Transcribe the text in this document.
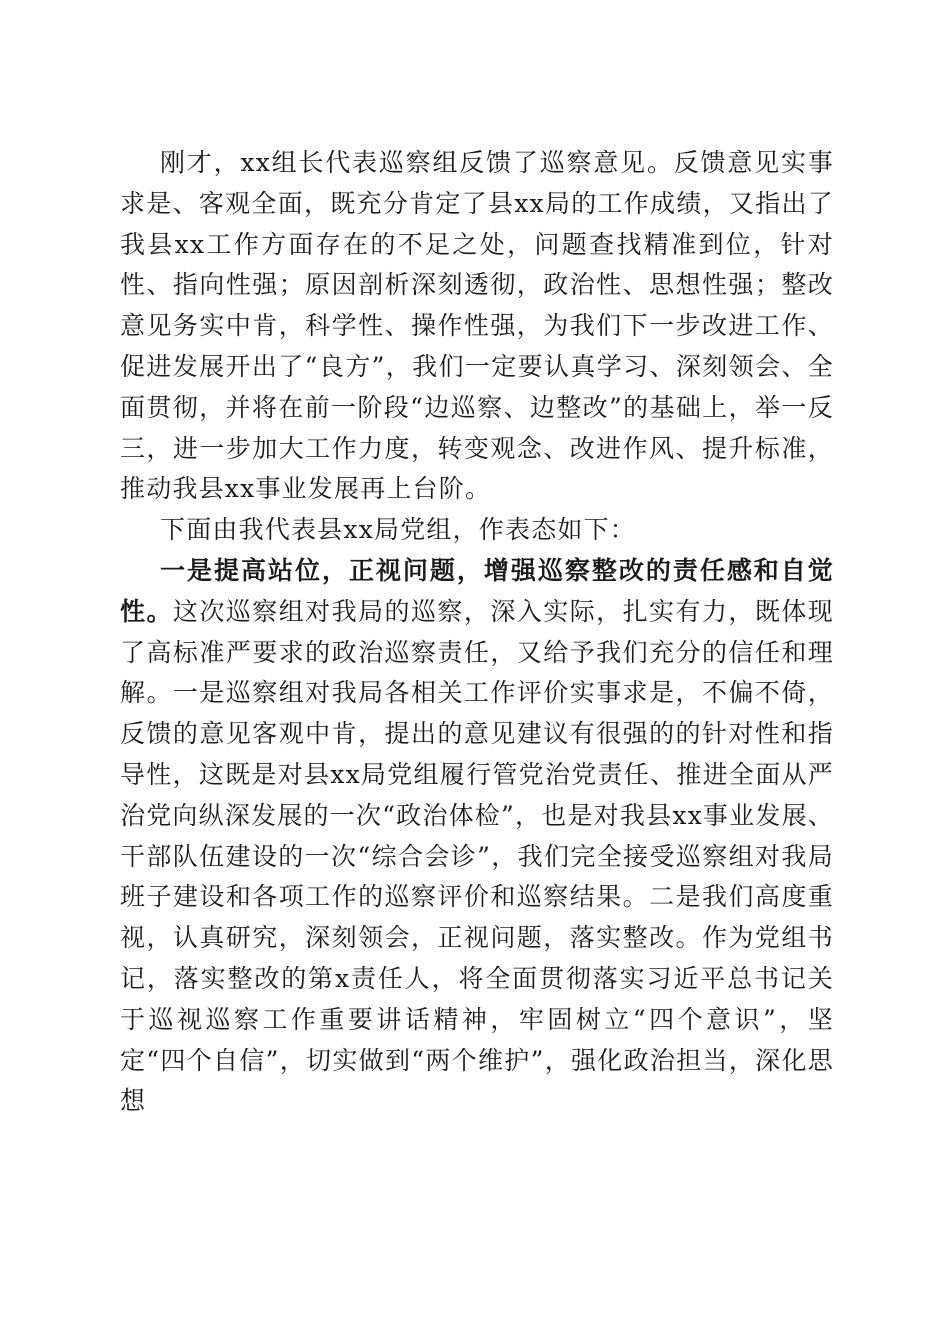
刚才，xx组长代表巡察组反馈了巡察意见。反馈意见实事求是、客观全面，既充分肯定了县xx局的工作成绩，又指出了我县xx工作方面存在的不足之处，问题查找精准到位，针对性、指向性强；原因剖析深刻透彻，政治性、思想性强；整改意见务实中肯，科学性、操作性强，为我们下一步改进工作、促进发展开出了“良方”，我们一定要认真学习、深刻领会、全面贯彻，并将在前一阶段“边巡察、边整改”的基础上，举一反三，进一步加大工作力度，转变观念、改进作风、提升标准，推动我县xx事业发展再上台阶。

下面由我代表县xx局党组，作表态如下：

一是提高站位，正视问题，增强巡察整改的责任感和自觉性。这次巡察组对我局的巡察，深入实际，扎实有力，既体现了高标准严要求的政治巡察责任，又给予我们充分的信任和理解。一是巡察组对我局各相关工作评价实事求是，不偏不倚，反馈的意见客观中肯，提出的意见建议有很强的的针对性和指导性，这既是对县xx局党组履行管党治党责任、推进全面从严治党向纵深发展的一次“政治体检”，也是对我县xx事业发展、干部队伍建设的一次“综合会诊”，我们完全接受巡察组对我局班子建设和各项工作的巡察评价和巡察结果。二是我们高度重视，认真研究，深刻领会，正视问题，落实整改。作为党组书记，落实整改的第x责任人，将全面贯彻落实习近平总书记关于巡视巡察工作重要讲话精神，牢固树立“四个意识”，坚定“四个自信”，切实做到“两个维护”，强化政治担当，深化思想
